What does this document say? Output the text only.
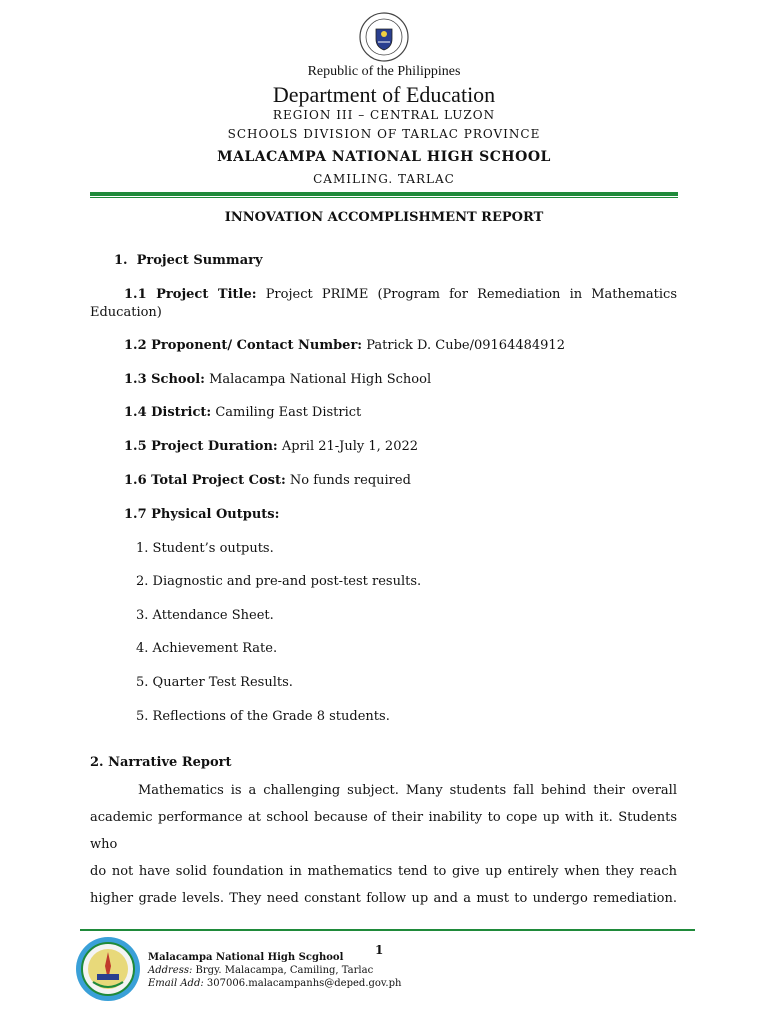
Republic of the Philippines
Department of Education
REGION III – CENTRAL LUZON
SCHOOLS DIVISION OF TARLAC PROVINCE
MALACAMPA NATIONAL HIGH SCHOOL
CAMILING. TARLAC
INNOVATION ACCOMPLISHMENT REPORT
1.  Project Summary
1.1 Project Title: Project PRIME (Program for Remediation in Mathematics
Education)
1.2 Proponent/ Contact Number: Patrick D. Cube/09164484912
1.3 School: Malacampa National High School
1.4 District: Camiling East District
1.5 Project Duration: April 21-July 1, 2022
1.6 Total Project Cost: No funds required
1.7 Physical Outputs:
1. Student’s outputs.
2. Diagnostic and pre-and post-test results.
3. Attendance Sheet.
4. Achievement Rate.
5. Quarter Test Results.
5. Reflections of the Grade 8 students.
2. Narrative Report
Mathematics is a challenging subject. Many students fall behind their overall
academic performance at school because of their inability to cope up with it. Students who
do not have solid foundation in mathematics tend to give up entirely when they reach
higher grade levels. They need constant follow up and a must to undergo remediation.
1
Malacampa National High Scghool
Address: Brgy. Malacampa, Camiling, Tarlac
Email Add: 307006.malacampanhs@deped.gov.ph
